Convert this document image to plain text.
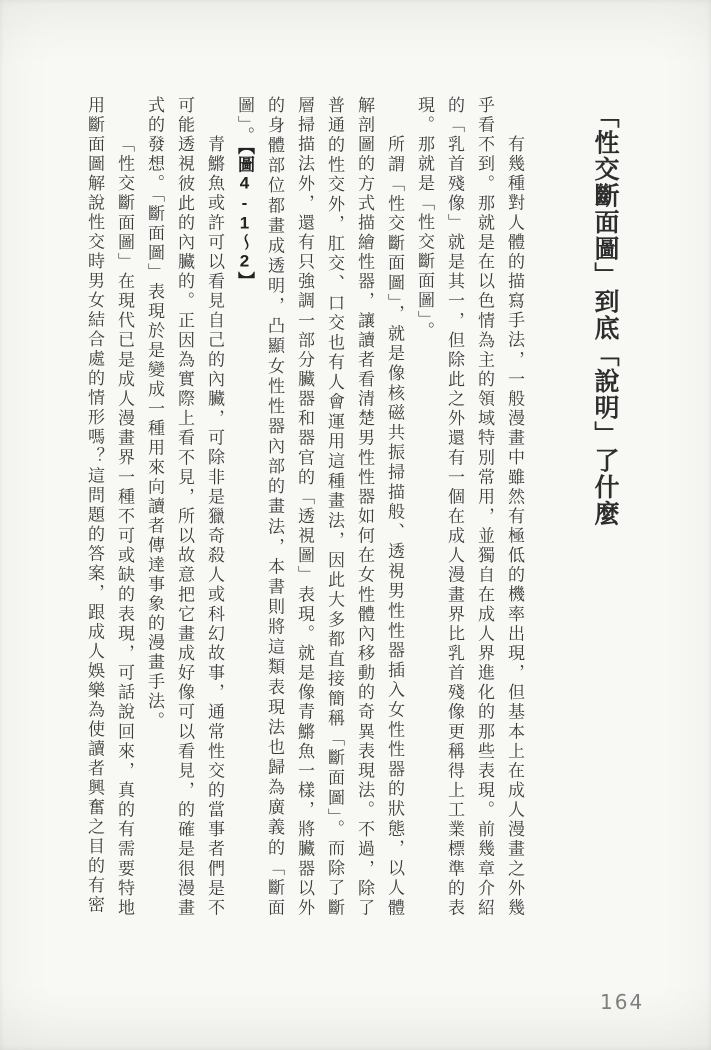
「性交斷面圖」到底「說明」了什麼

有幾種對人體的描寫手法，一般漫畫中雖然有極低的機率出現，但基本上在成人漫畫之外幾乎看不到。那就是在以色情為主的領域特別常用，並獨自在成人界進化的那些表現。前幾章介紹的「乳首殘像」就是其一，但除此之外還有一個在成人漫畫界比乳首殘像更稱得上工業標準的表現。那就是「性交斷面圖」。

所謂「性交斷面圖」，就是像核磁共振掃描般、透視男性性器插入女性性器的狀態，以人體解剖圖的方式描繪性器，讓讀者看清楚男性性器如何在女性體內移動的奇異表現法。不過，除了普通的性交外，肛交、口交也有人會運用這種畫法，因此大多都直接簡稱「斷面圖」。而除了斷層掃描法外，還有只強調一部分臟器和器官的「透視圖」表現。就是像青鱂魚一樣，將臟器以外的身體部位都畫成透明，凸顯女性性器內部的畫法，本書則將這類表現法也歸為廣義的「斷面圖」。【圖4-1～2】

青鱂魚或許可以看見自己的內臟，可除非是獵奇殺人或科幻故事，通常性交的當事者們是不可能透視彼此的內臟的。正因為實際上看不見，所以故意把它畫成好像可以看見，的確是很漫畫式的發想。「斷面圖」表現於是變成一種用來向讀者傳達事象的漫畫手法。

「性交斷面圖」在現代已是成人漫畫界一種不可或缺的表現，可話說回來，真的有需要特地用斷面圖解說性交時男女結合處的情形嗎？這問題的答案，跟成人娛樂為使讀者興奮之目的有密

164
